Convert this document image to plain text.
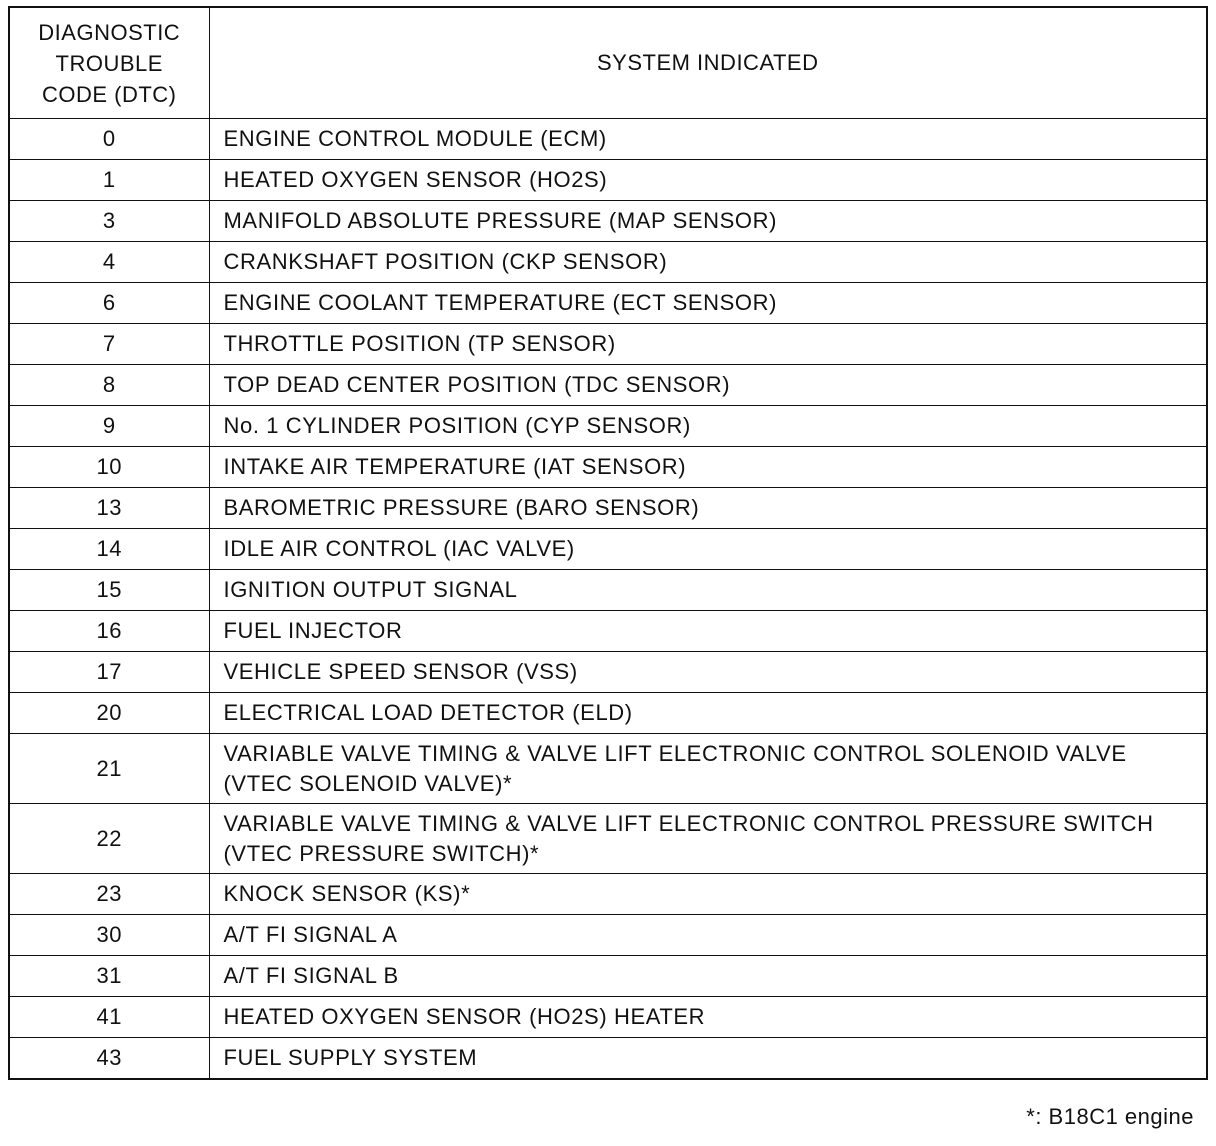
DIAGNOSTIC
TROUBLE
CODE (DTC)	SYSTEM INDICATED
0	ENGINE CONTROL MODULE (ECM)
1	HEATED OXYGEN SENSOR (HO2S)
3	MANIFOLD ABSOLUTE PRESSURE (MAP SENSOR)
4	CRANKSHAFT POSITION (CKP SENSOR)
6	ENGINE COOLANT TEMPERATURE (ECT SENSOR)
7	THROTTLE POSITION (TP SENSOR)
8	TOP DEAD CENTER POSITION (TDC SENSOR)
9	No. 1 CYLINDER POSITION (CYP SENSOR)
10	INTAKE AIR TEMPERATURE (IAT SENSOR)
13	BAROMETRIC PRESSURE (BARO SENSOR)
14	IDLE AIR CONTROL (IAC VALVE)
15	IGNITION OUTPUT SIGNAL
16	FUEL INJECTOR
17	VEHICLE SPEED SENSOR (VSS)
20	ELECTRICAL LOAD DETECTOR (ELD)
21	VARIABLE VALVE TIMING & VALVE LIFT ELECTRONIC CONTROL SOLENOID VALVE (VTEC SOLENOID VALVE)*
22	VARIABLE VALVE TIMING & VALVE LIFT ELECTRONIC CONTROL PRESSURE SWITCH (VTEC PRESSURE SWITCH)*
23	KNOCK SENSOR (KS)*
30	A/T FI SIGNAL A
31	A/T FI SIGNAL B
41	HEATED OXYGEN SENSOR (HO2S) HEATER
43	FUEL SUPPLY SYSTEM
*: B18C1 engine
